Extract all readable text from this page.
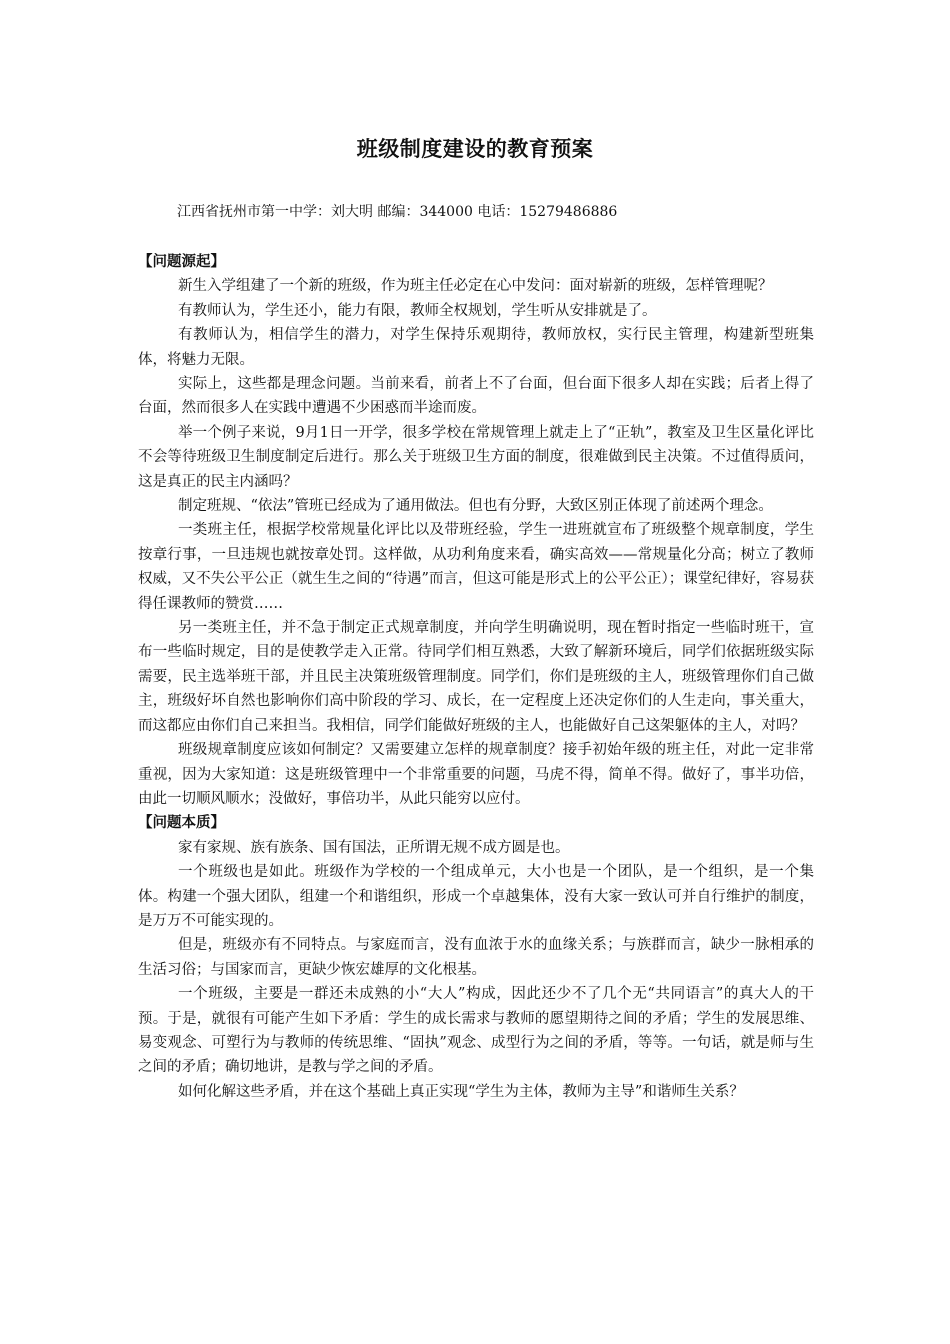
班级制度建设的教育预案

江西省抚州市第一中学：刘大明 邮编：344000 电话：15279486886

【问题源起】

新生入学组建了一个新的班级，作为班主任必定在心中发问：面对崭新的班级，怎样管理呢？

有教师认为，学生还小，能力有限，教师全权规划，学生听从安排就是了。

有教师认为，相信学生的潜力，对学生保持乐观期待，教师放权，实行民主管理，构建新型班集体，将魅力无限。

实际上，这些都是理念问题。当前来看，前者上不了台面，但台面下很多人却在实践；后者上得了台面，然而很多人在实践中遭遇不少困惑而半途而废。

举一个例子来说，9月1日一开学，很多学校在常规管理上就走上了“正轨”，教室及卫生区量化评比不会等待班级卫生制度制定后进行。那么关于班级卫生方面的制度，很难做到民主决策。不过值得质问，这是真正的民主内涵吗？

制定班规、“依法”管班已经成为了通用做法。但也有分野，大致区别正体现了前述两个理念。

一类班主任，根据学校常规量化评比以及带班经验，学生一进班就宣布了班级整个规章制度，学生按章行事，一旦违规也就按章处罚。这样做，从功利角度来看，确实高效——常规量化分高；树立了教师权威，又不失公平公正（就生生之间的“待遇”而言，但这可能是形式上的公平公正）；课堂纪律好，容易获得任课教师的赞赏……

另一类班主任，并不急于制定正式规章制度，并向学生明确说明，现在暂时指定一些临时班干，宣布一些临时规定，目的是使教学走入正常。待同学们相互熟悉，大致了解新环境后，同学们依据班级实际需要，民主选举班干部，并且民主决策班级管理制度。同学们，你们是班级的主人，班级管理你们自己做主，班级好坏自然也影响你们高中阶段的学习、成长，在一定程度上还决定你们的人生走向，事关重大，而这都应由你们自己来担当。我相信，同学们能做好班级的主人，也能做好自己这架躯体的主人，对吗？

班级规章制度应该如何制定？又需要建立怎样的规章制度？接手初始年级的班主任，对此一定非常重视，因为大家知道：这是班级管理中一个非常重要的问题，马虎不得，简单不得。做好了，事半功倍，由此一切顺风顺水；没做好，事倍功半，从此只能穷以应付。

【问题本质】

家有家规、族有族条、国有国法，正所谓无规不成方圆是也。

一个班级也是如此。班级作为学校的一个组成单元，大小也是一个团队，是一个组织，是一个集体。构建一个强大团队，组建一个和谐组织，形成一个卓越集体，没有大家一致认可并自行维护的制度，是万万不可能实现的。

但是，班级亦有不同特点。与家庭而言，没有血浓于水的血缘关系；与族群而言，缺少一脉相承的生活习俗；与国家而言，更缺少恢宏雄厚的文化根基。

一个班级，主要是一群还未成熟的小“大人”构成，因此还少不了几个无“共同语言”的真大人的干预。于是，就很有可能产生如下矛盾：学生的成长需求与教师的愿望期待之间的矛盾；学生的发展思维、易变观念、可塑行为与教师的传统思维、“固执”观念、成型行为之间的矛盾，等等。一句话，就是师与生之间的矛盾；确切地讲，是教与学之间的矛盾。

如何化解这些矛盾，并在这个基础上真正实现“学生为主体，教师为主导”和谐师生关系？
